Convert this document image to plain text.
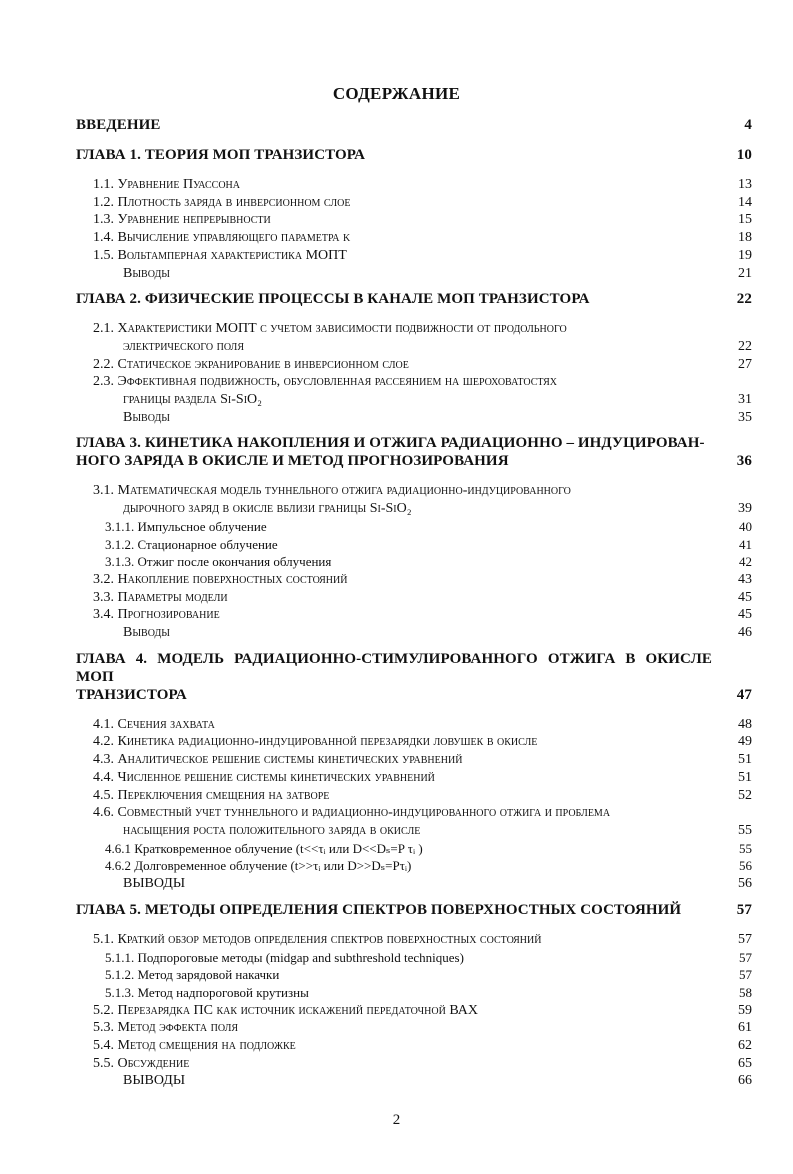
СОДЕРЖАНИЕ
ВВЕДЕНИЕ	4
ГЛАВА 1. ТЕОРИЯ МОП ТРАНЗИСТОРА	10
1.1. Уравнение Пуассона	13
1.2. Плотность заряда в инверсионном слое	14
1.3. Уравнение непрерывности	15
1.4. Вычисление управляющего параметра κ	18
1.5. Вольтамперная характеристика МОПТ	19
Выводы	21
ГЛАВА 2. ФИЗИЧЕСКИЕ ПРОЦЕССЫ В КАНАЛЕ МОП ТРАНЗИСТОРА	22
2.1. Характеристики МОПТ с учетом зависимости подвижности от продольного
электрического поля	22
2.2. Статическое экранирование в инверсионном слое	27
2.3. Эффективная подвижность, обусловленная рассеянием на шероховатостях
границы раздела Si-SiO₂	31
Выводы	35
ГЛАВА 3. КИНЕТИКА НАКОПЛЕНИЯ И ОТЖИГА РАДИАЦИОННО – ИНДУЦИРОВАН-
НОГО ЗАРЯДА В ОКИСЛЕ И МЕТОД ПРОГНОЗИРОВАНИЯ	36
3.1. Математическая модель туннельного отжига радиационно-индуцированного
дырочного заряд в окисле вблизи границы Si-SiO₂	39
3.1.1. Импульсное облучение	40
3.1.2. Стационарное облучение	41
3.1.3. Отжиг после окончания облучения	42
3.2. Накопление поверхностных состояний	43
3.3. Параметры модели	45
3.4. Прогнозирование	45
Выводы	46
ГЛАВА 4. МОДЕЛЬ РАДИАЦИОННО-СТИМУЛИРОВАННОГО ОТЖИГА В ОКИСЛЕ МОП
ТРАНЗИСТОРА	47
4.1. Сечения захвата	48
4.2. Кинетика радиационно-индуцированной перезарядки ловушек в окисле	49
4.3. Аналитическое решение системы кинетических уравнений	51
4.4. Численное решение системы кинетических уравнений	51
4.5. Переключения смещения на затворе	52
4.6. Совместный учет туннельного и радиационно-индуцированного отжига и проблема
насыщения роста положительного заряда в окисле	55
4.6.1 Кратковременное облучение (t<<τᵢ или D<<Dₛ=P τᵢ )	55
4.6.2 Долговременное облучение (t>>τᵢ или D>>Dₛ=Pτᵢ)	56
ВЫВОДЫ	56
ГЛАВА 5. МЕТОДЫ ОПРЕДЕЛЕНИЯ СПЕКТРОВ ПОВЕРХНОСТНЫХ СОСТОЯНИЙ	57
5.1. Краткий обзор методов определения спектров поверхностных состояний	57
5.1.1. Подпороговые методы (midgap and subthreshold techniques)	57
5.1.2. Метод зарядовой накачки	57
5.1.3. Метод надпороговой крутизны	58
5.2. Перезарядка ПС как источник искажений передаточной ВАХ	59
5.3. Метод эффекта поля	61
5.4. Метод смещения на подложке	62
5.5. Обсуждение	65
ВЫВОДЫ	66
2
